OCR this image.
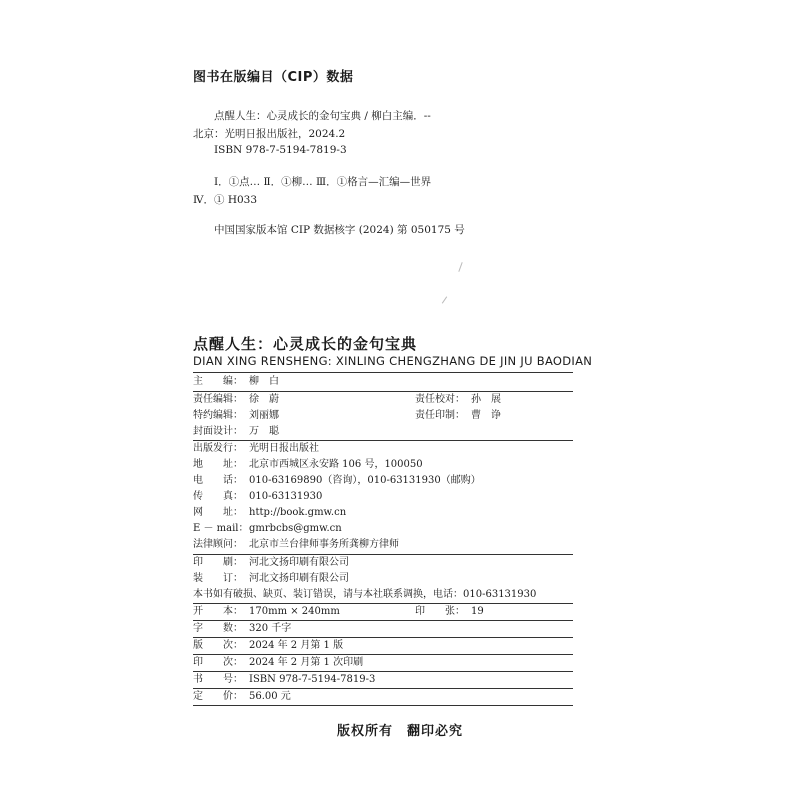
图书在版编目（CIP）数据
点醒人生：心灵成长的金句宝典 / 柳白主编．--
北京：光明日报出版社，2024.2
ISBN 978-7-5194-7819-3
Ⅰ．①点… Ⅱ．①柳… Ⅲ．①格言—汇编—世界
Ⅳ．① H033
中国国家版本馆 CIP 数据核字 (2024) 第 050175 号
点醒人生：心灵成长的金句宝典
DIAN XING RENSHENG: XINLING CHENGZHANG DE JIN JU BAODIAN
主　　编： 柳　白
责任编辑： 徐　蔚	责任校对： 孙　展
特约编辑： 刘丽娜	责任印制： 曹　诤
封面设计： 万　聪
出版发行： 光明日报出版社
地　　址： 北京市西城区永安路 106 号，100050
电　　话： 010-63169890（咨询），010-63131930（邮购）
传　　真： 010-63131930
网　　址： http://book.gmw.cn
E － mail： gmrbcbs@gmw.cn
法律顾问： 北京市兰台律师事务所龚柳方律师
印　　刷： 河北文扬印刷有限公司
装　　订： 河北文扬印刷有限公司
本书如有破损、缺页、装订错误，请与本社联系调换，电话：010-63131930
开　　本： 170mm × 240mm	印　　张： 19
字　　数： 320 千字
版　　次： 2024 年 2 月第 1 版
印　　次： 2024 年 2 月第 1 次印刷
书　　号： ISBN 978-7-5194-7819-3
定　　价： 56.00 元
版权所有　翻印必究
